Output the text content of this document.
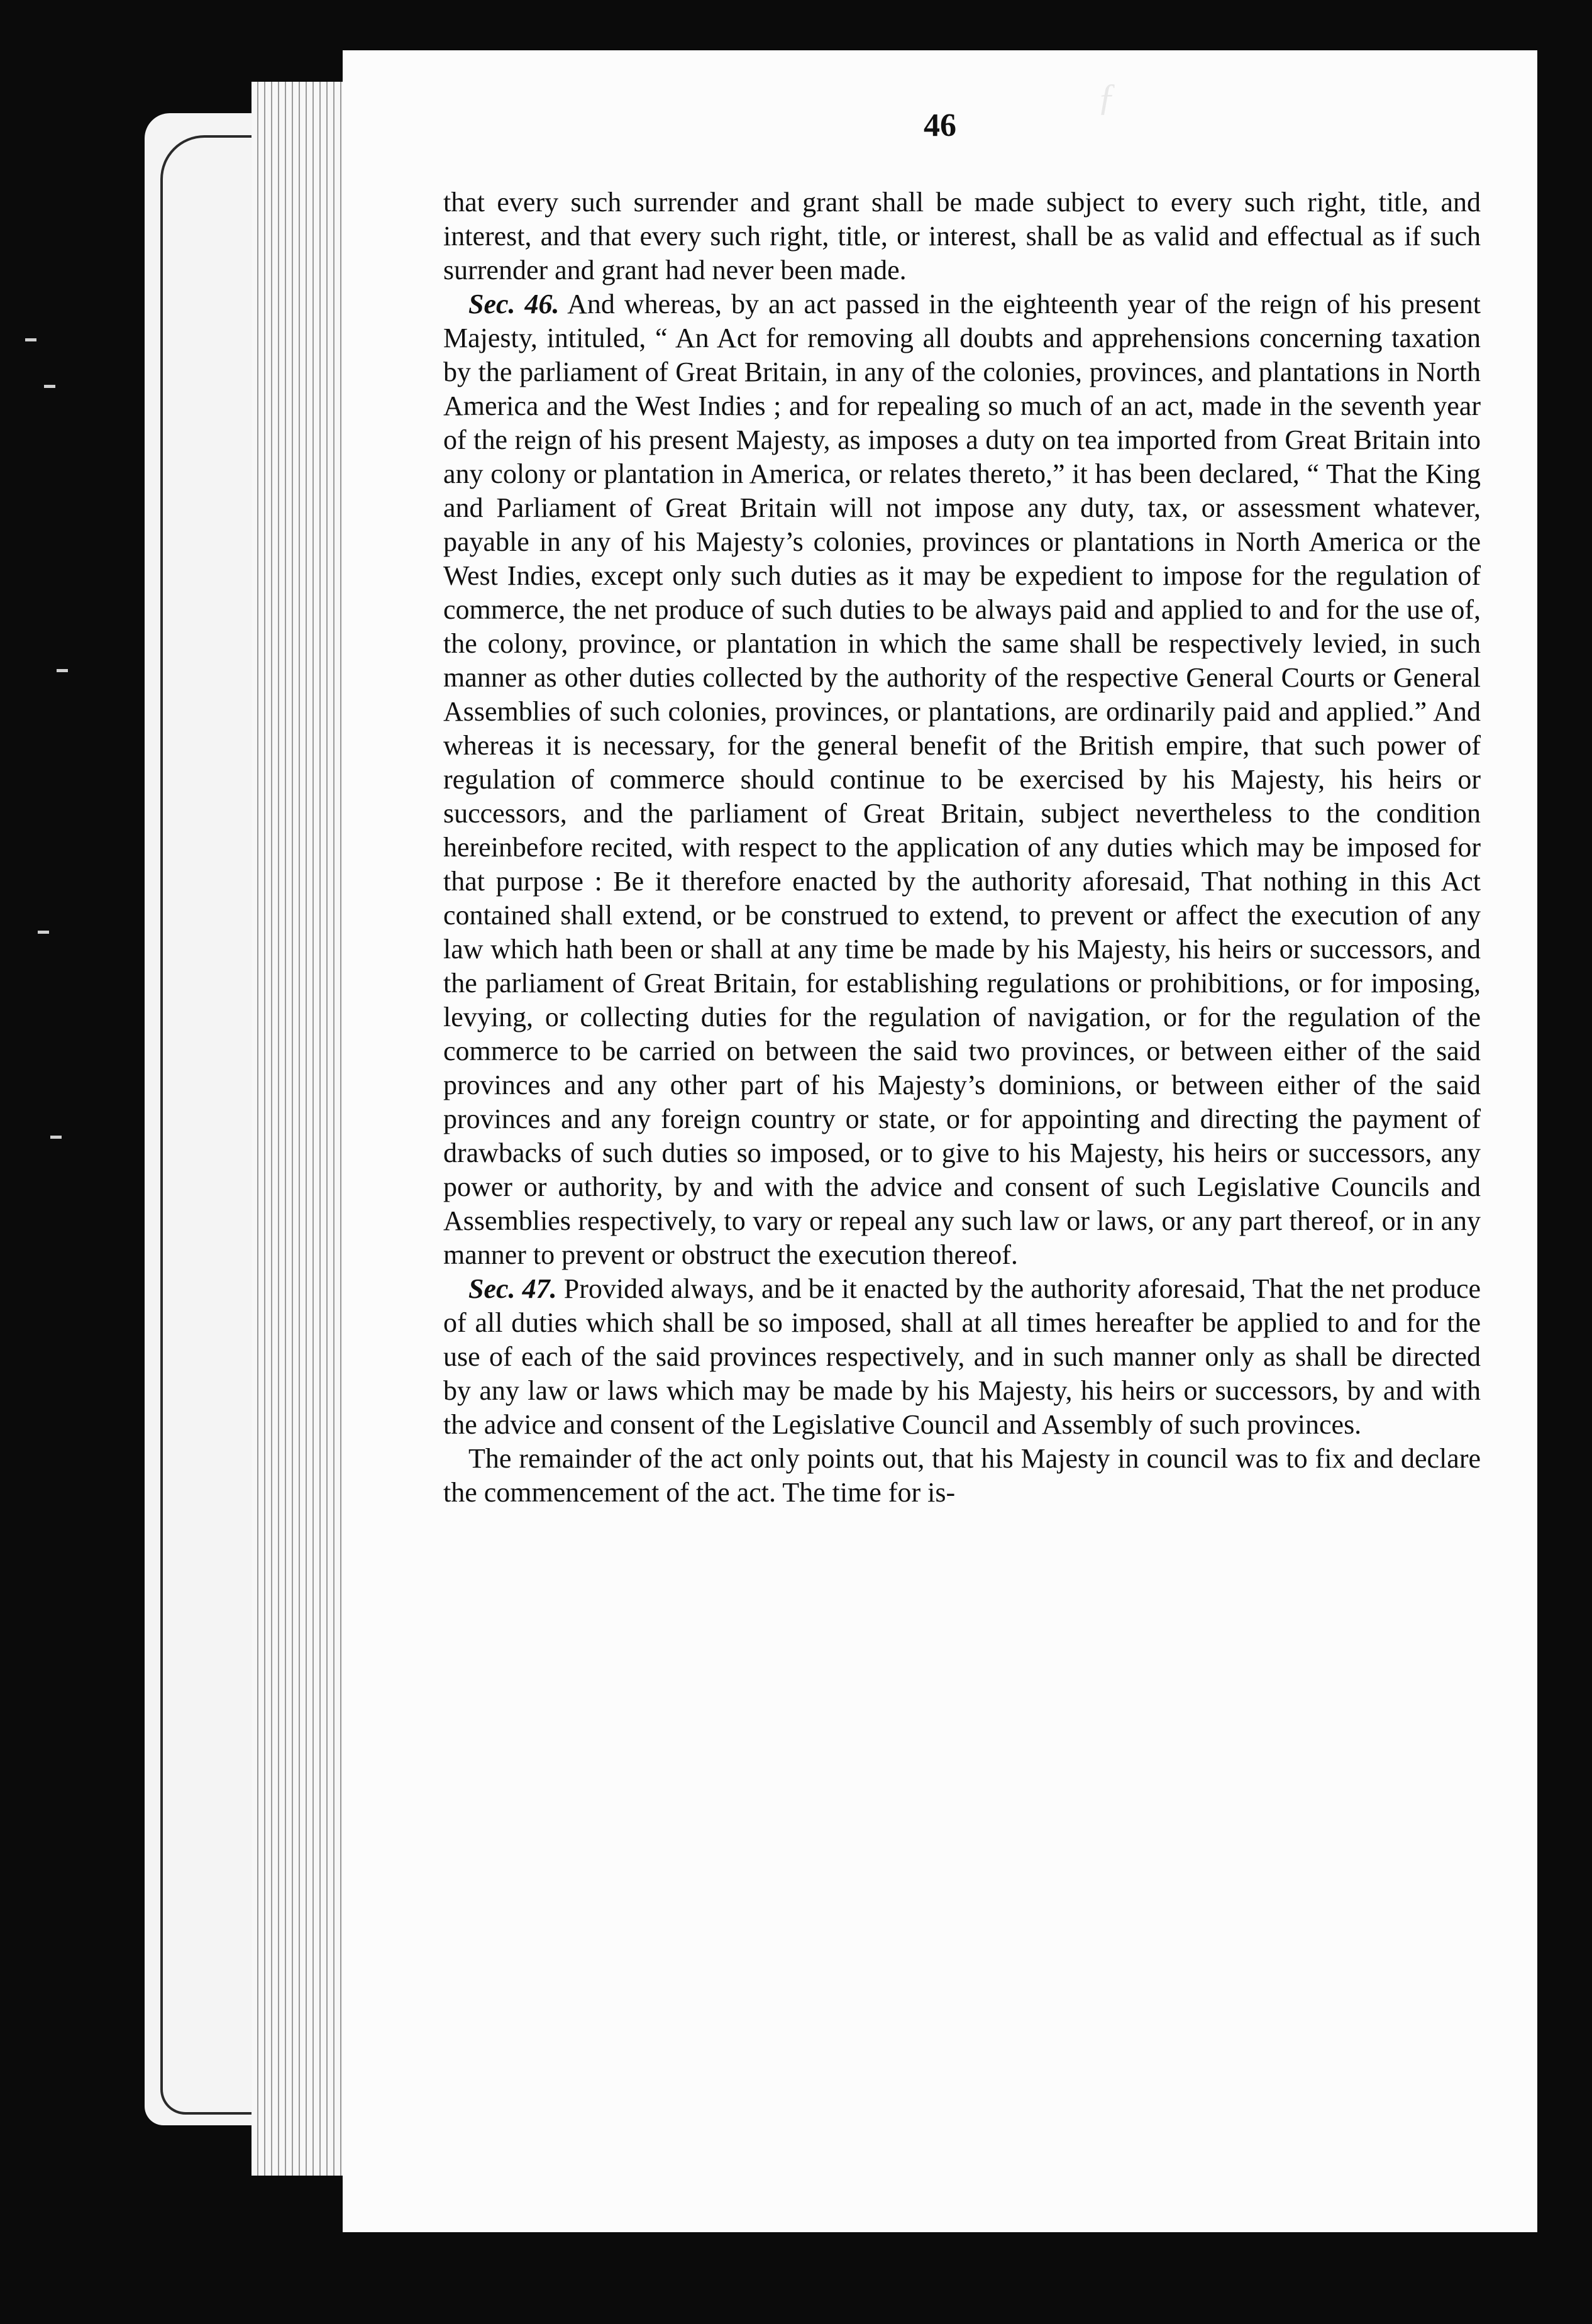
ƒ
46

that every such surrender and grant shall be made subject to every such right, title, and interest, and that every such right, title, or interest, shall be as valid and effectual as if such surrender and grant had never been made.

Sec. 46. And whereas, by an act passed in the eighteenth year of the reign of his present Majesty, intituled, “ An Act for removing all doubts and apprehensions concerning taxation by the parliament of Great Britain, in any of the colonies, provinces, and plantations in North America and the West Indies ; and for repealing so much of an act, made in the seventh year of the reign of his present Majesty, as imposes a duty on tea imported from Great Britain into any colony or plantation in America, or relates thereto,” it has been declared, “ That the King and Parliament of Great Britain will not impose any duty, tax, or assessment whatever, payable in any of his Majesty’s colonies, provinces or plantations in North America or the West Indies, except only such duties as it may be expedient to impose for the regulation of commerce, the net produce of such duties to be always paid and applied to and for the use of, the colony, province, or plantation in which the same shall be respectively levied, in such manner as other duties collected by the authority of the respective General Courts or General Assemblies of such colonies, provinces, or plantations, are ordinarily paid and applied.” And whereas it is necessary, for the general benefit of the British empire, that such power of regulation of commerce should continue to be exercised by his Majesty, his heirs or successors, and the parliament of Great Britain, subject nevertheless to the condition hereinbefore recited, with respect to the application of any duties which may be imposed for that purpose : Be it therefore enacted by the authority aforesaid, That nothing in this Act contained shall extend, or be construed to extend, to prevent or affect the execution of any law which hath been or shall at any time be made by his Majesty, his heirs or successors, and the parliament of Great Britain, for establishing regulations or prohibitions, or for imposing, levying, or collecting duties for the regulation of navigation, or for the regulation of the commerce to be carried on between the said two provinces, or between either of the said provinces and any other part of his Majesty’s dominions, or between either of the said provinces and any foreign country or state, or for appointing and directing the payment of drawbacks of such duties so imposed, or to give to his Majesty, his heirs or successors, any power or authority, by and with the advice and consent of such Legislative Councils and Assemblies respectively, to vary or repeal any such law or laws, or any part thereof, or in any manner to prevent or obstruct the execution thereof.

Sec. 47. Provided always, and be it enacted by the authority aforesaid, That the net produce of all duties which shall be so imposed, shall at all times hereafter be applied to and for the use of each of the said provinces respectively, and in such manner only as shall be directed by any law or laws which may be made by his Majesty, his heirs or successors, by and with the advice and consent of the Legislative Council and Assembly of such provinces.

The remainder of the act only points out, that his Majesty in council was to fix and declare the commencement of the act. The time for is-
